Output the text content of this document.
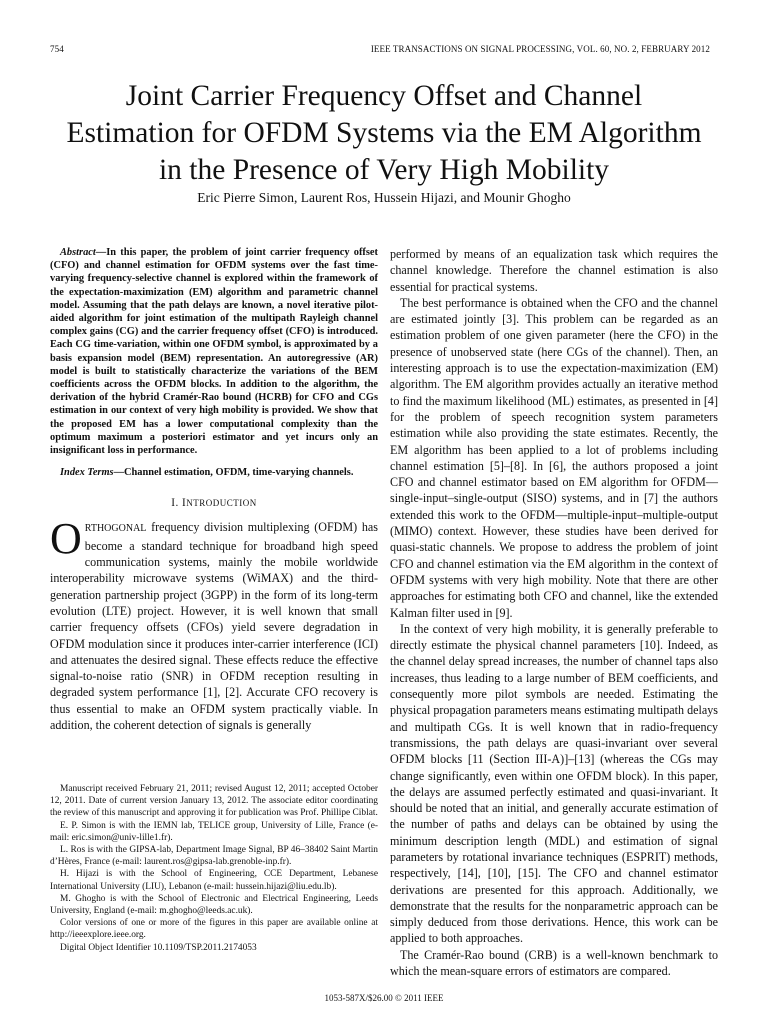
754	IEEE TRANSACTIONS ON SIGNAL PROCESSING, VOL. 60, NO. 2, FEBRUARY 2012
Joint Carrier Frequency Offset and Channel
Estimation for OFDM Systems via the EM Algorithm
in the Presence of Very High Mobility
Eric Pierre Simon, Laurent Ros, Hussein Hijazi, and Mounir Ghogho

Abstract—In this paper, the problem of joint carrier frequency offset (CFO) and channel estimation for OFDM systems over the fast time-varying frequency-selective channel is explored within the framework of the expectation-maximization (EM) algorithm and parametric channel model. Assuming that the path delays are known, a novel iterative pilot-aided algorithm for joint estimation of the multipath Rayleigh channel complex gains (CG) and the carrier frequency offset (CFO) is introduced. Each CG time-variation, within one OFDM symbol, is approximated by a basis expansion model (BEM) representation. An autoregressive (AR) model is built to statistically characterize the variations of the BEM coefficients across the OFDM blocks. In addition to the algorithm, the derivation of the hybrid Cramér-Rao bound (HCRB) for CFO and CGs estimation in our context of very high mobility is provided. We show that the proposed EM has a lower computational complexity than the optimum maximum a posteriori estimator and yet incurs only an insignificant loss in performance.

Index Terms—Channel estimation, OFDM, time-varying channels.

I. INTRODUCTION

ORTHOGONAL frequency division multiplexing (OFDM) has become a standard technique for broadband high speed communication systems, mainly the mobile worldwide interoperability microwave systems (WiMAX) and the third-generation partnership project (3GPP) in the form of its long-term evolution (LTE) project. However, it is well known that small carrier frequency offsets (CFOs) yield severe degradation in OFDM modulation since it produces inter-carrier interference (ICI) and attenuates the desired signal. These effects reduce the effective signal-to-noise ratio (SNR) in OFDM reception resulting in degraded system performance [1], [2]. Accurate CFO recovery is thus essential to make an OFDM system practically viable. In addition, the coherent detection of signals is generally

Manuscript received February 21, 2011; revised August 12, 2011; accepted October 12, 2011. Date of current version January 13, 2012. The associate editor coordinating the review of this manuscript and approving it for publication was Prof. Phillipe Ciblat.

E. P. Simon is with the IEMN lab, TELICE group, University of Lille, France (e-mail: eric.simon@univ-lille1.fr).

L. Ros is with the GIPSA-lab, Department Image Signal, BP 46–38402 Saint Martin d’Hères, France (e-mail: laurent.ros@gipsa-lab.grenoble-inp.fr).

H. Hijazi is with the School of Engineering, CCE Department, Lebanese International University (LIU), Lebanon (e-mail: hussein.hijazi@liu.edu.lb).

M. Ghogho is with the School of Electronic and Electrical Engineering, Leeds University, England (e-mail: m.ghogho@leeds.ac.uk).

Color versions of one or more of the figures in this paper are available online at http://ieeexplore.ieee.org.

Digital Object Identifier 10.1109/TSP.2011.2174053

performed by means of an equalization task which requires the channel knowledge. Therefore the channel estimation is also essential for practical systems.

The best performance is obtained when the CFO and the channel are estimated jointly [3]. This problem can be regarded as an estimation problem of one given parameter (here the CFO) in the presence of unobserved state (here CGs of the channel). Then, an interesting approach is to use the expectation-maximization (EM) algorithm. The EM algorithm provides actually an iterative method to find the maximum likelihood (ML) estimates, as presented in [4] for the problem of speech recognition system parameters estimation while also providing the state estimates. Recently, the EM algorithm has been applied to a lot of problems including channel estimation [5]–[8]. In [6], the authors proposed a joint CFO and channel estimator based on EM algorithm for OFDM—single-input–single-output (SISO) systems, and in [7] the authors extended this work to the OFDM—multiple-input–multiple-output (MIMO) context. However, these studies have been derived for quasi-static channels. We propose to address the problem of joint CFO and channel estimation via the EM algorithm in the context of OFDM systems with very high mobility. Note that there are other approaches for estimating both CFO and channel, like the extended Kalman filter used in [9].

In the context of very high mobility, it is generally preferable to directly estimate the physical channel parameters [10]. Indeed, as the channel delay spread increases, the number of channel taps also increases, thus leading to a large number of BEM coefficients, and consequently more pilot symbols are needed. Estimating the physical propagation parameters means estimating multipath delays and multipath CGs. It is well known that in radio-frequency transmissions, the path delays are quasi-invariant over several OFDM blocks [11 (Section III-A)]–[13] (whereas the CGs may change significantly, even within one OFDM block). In this paper, the delays are assumed perfectly estimated and quasi-invariant. It should be noted that an initial, and generally accurate estimation of the number of paths and delays can be obtained by using the minimum description length (MDL) and estimation of signal parameters by rotational invariance techniques (ESPRIT) methods, respectively, [14], [10], [15]. The CFO and channel estimator derivations are presented for this approach. Additionally, we demonstrate that the results for the nonparametric approach can be simply deduced from those derivations. Hence, this work can be applied to both approaches.

The Cramér-Rao bound (CRB) is a well-known benchmark to which the mean-square errors of estimators are compared.

1053-587X/$26.00 © 2011 IEEE
